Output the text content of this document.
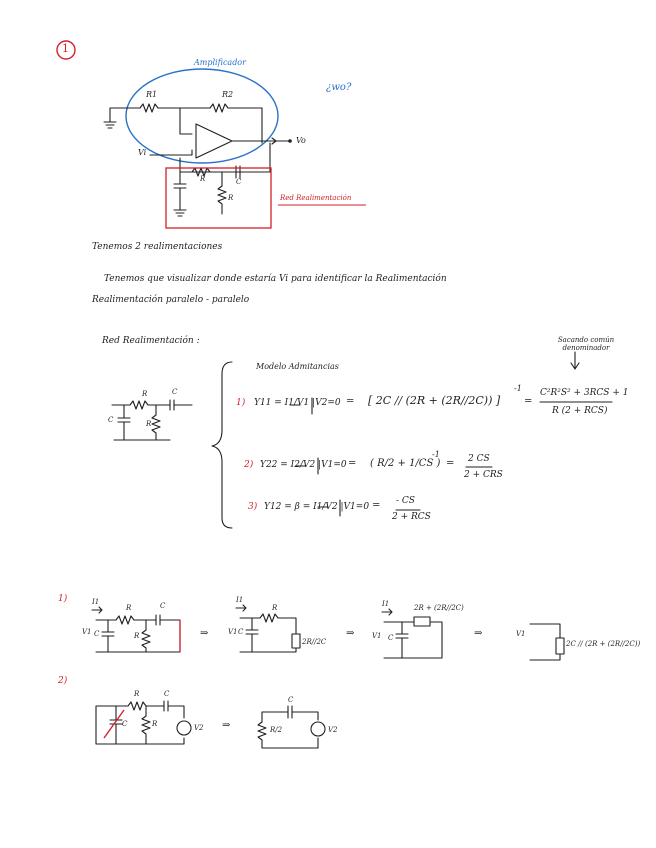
1
Amplificador
¿wo?
R1	R2
Vi
Vo
R	C
R	Red Realimentación
Tenemos 2 realimentaciones
Tenemos que visualizar donde estaría Vi para identificar la Realimentación
Realimentación paralelo - paralelo
Red Realimentación :
Modelo Admitancias
Sacando común denominador
R	C
C	R
1) Y11 = I1/V1 |V2=0 = [ 2C // (2R + (2R//2C)) ]
-1
=
C²R²S² + 3RCS + 1
R (2 + RCS)
2) Y22 = I2/V2 |V1=0 = ( R/2 + 1/CS )
-1
= 2 CS
2 + CRS
3) Y12 = β = I1/V2 |V1=0 = - CS
2 + RCS
1)	I1
V1
R	C
C	R	⇒
I1
V1
R
C
2R//2C
⇒
I1
V1 C
2R + (2R//2C)
⇒	V1
2C // (2R + (2R//2C))
2)
R	C
C	R	V2 ⇒
C
R/2	V2
